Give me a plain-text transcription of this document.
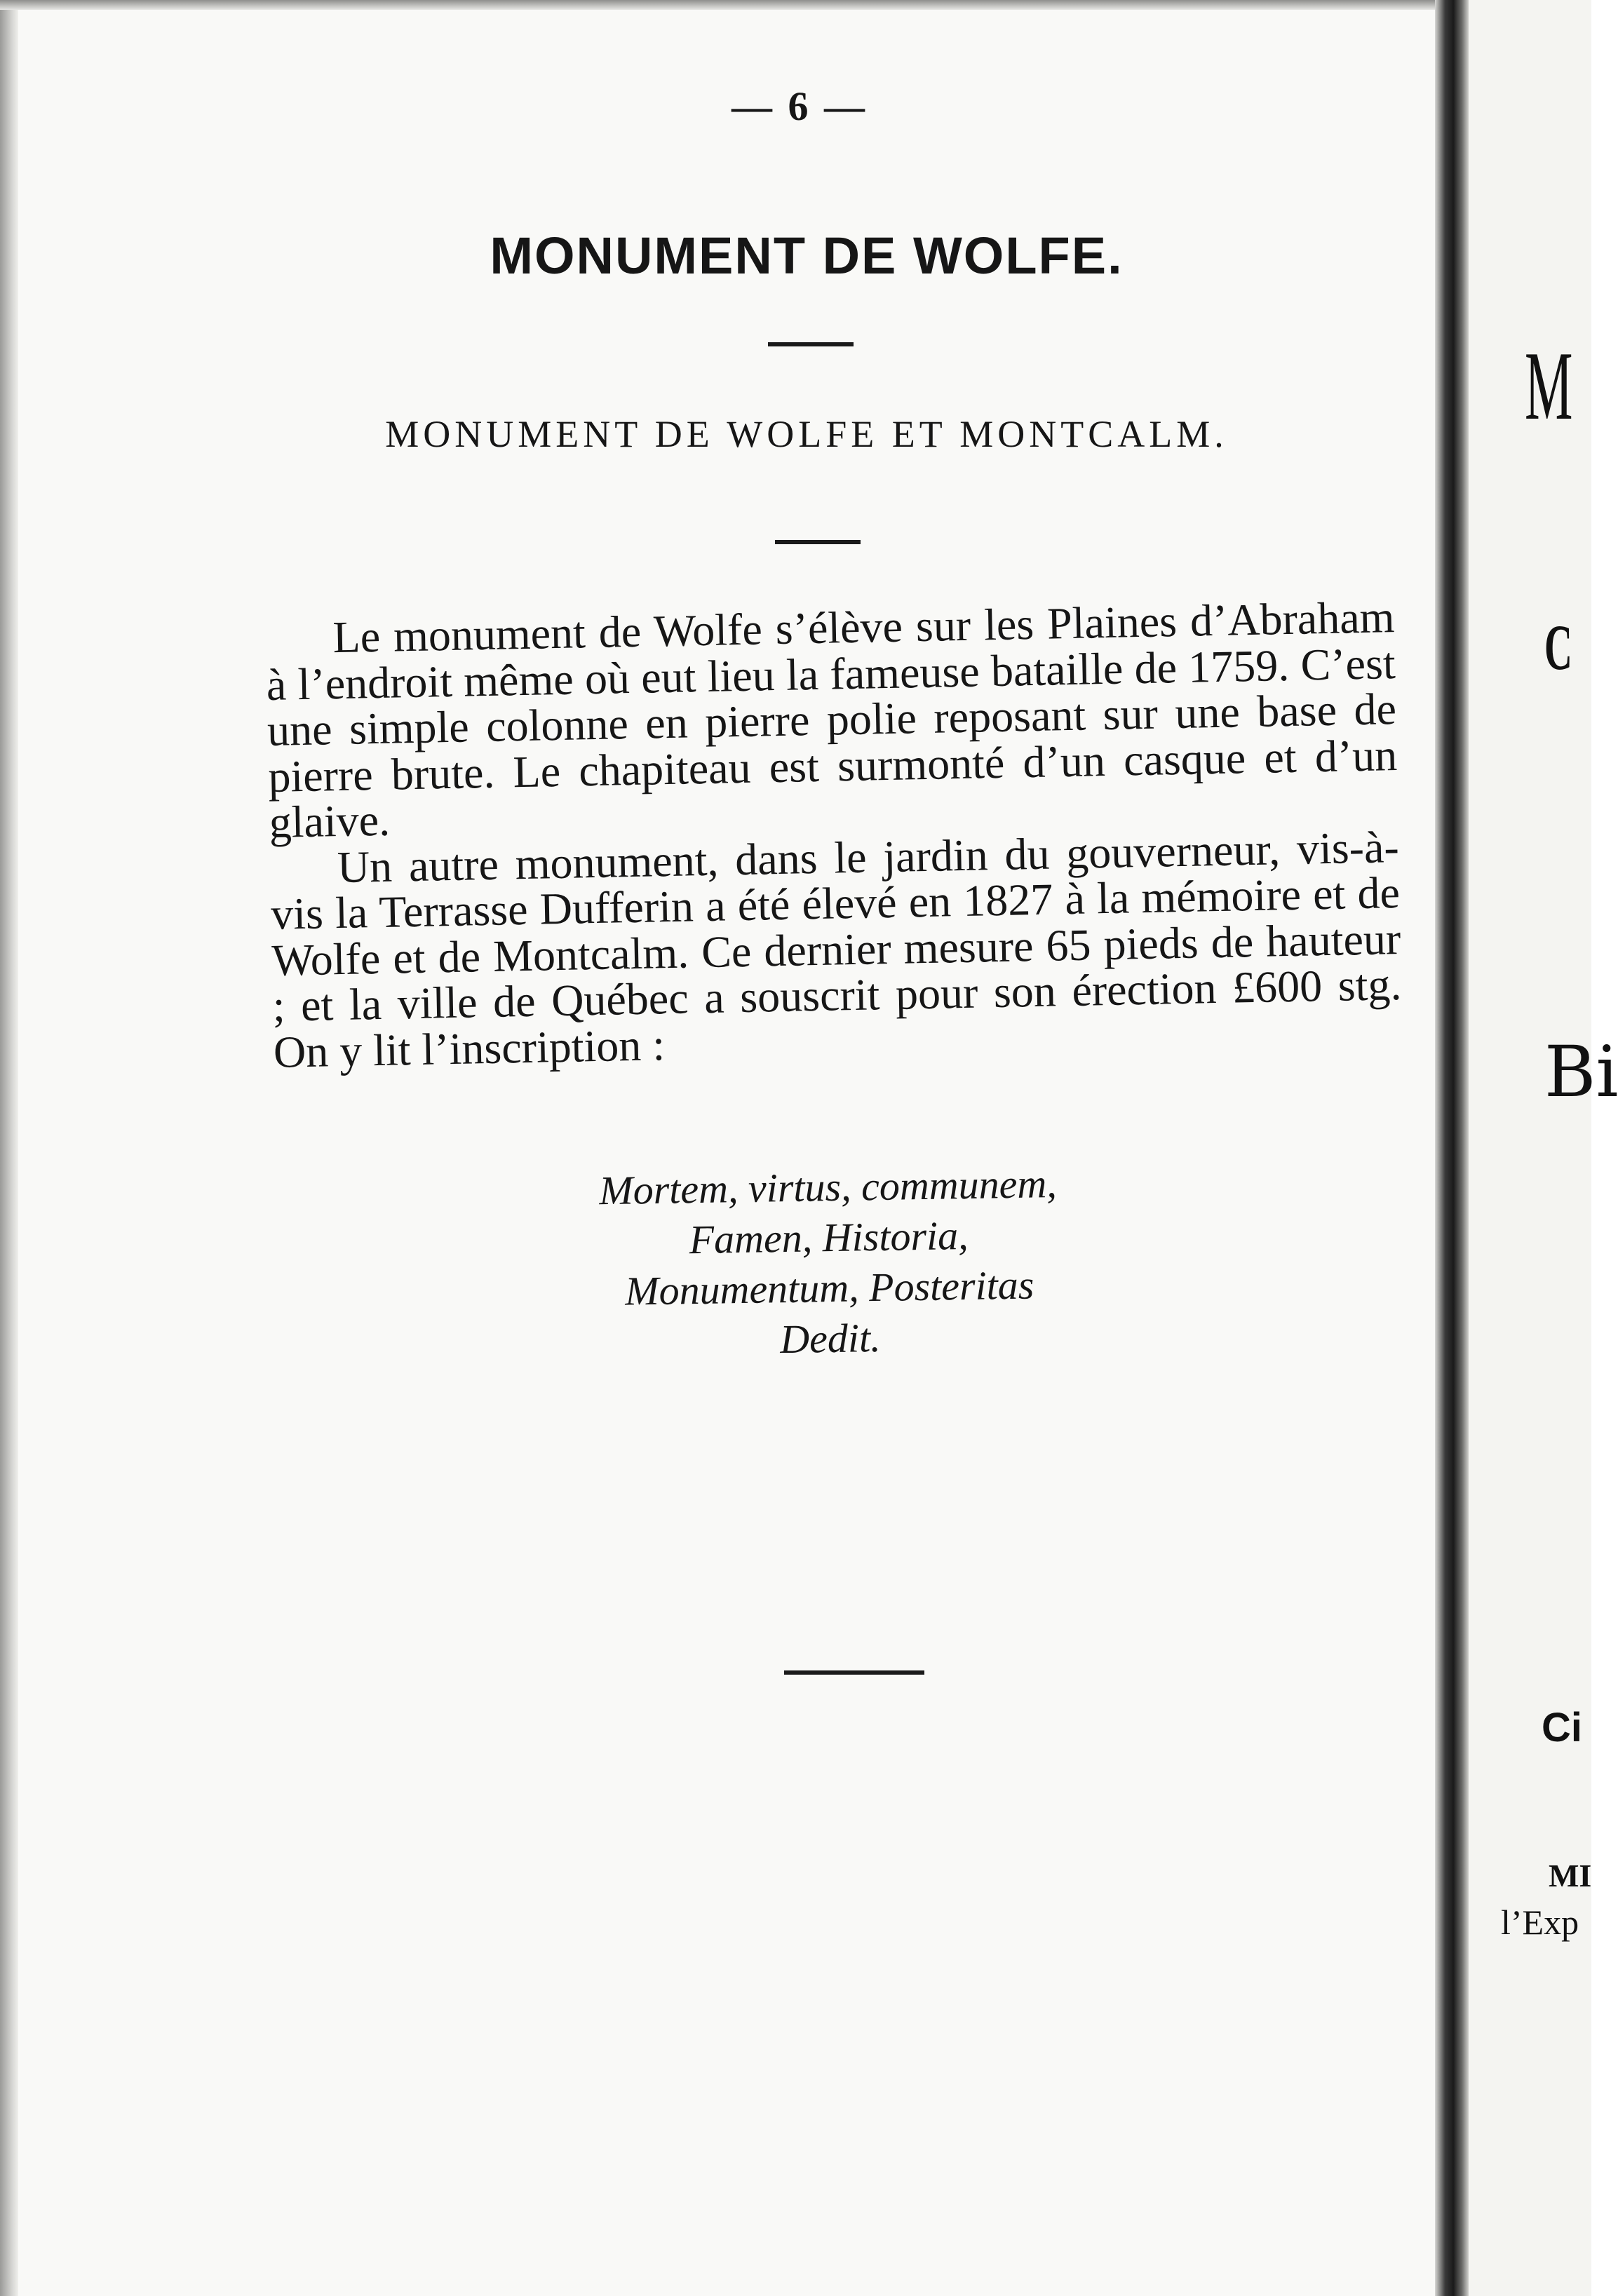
M
C
Bi
Ci
MI
l’Exp
— 6 —
MONUMENT DE WOLFE.
MONUMENT DE WOLFE ET MONTCALM.

Le monument de Wolfe s’élève sur les Plaines d’Abraham à l’endroit même où eut lieu la fameuse bataille de 1759. C’est une simple colonne en pierre polie reposant sur une base de pierre brute. Le chapiteau est surmonté d’un casque et d’un glaive.

Un autre monument, dans le jardin du gouverneur, vis-à-vis la Terrasse Dufferin a été élevé en 1827 à la mémoire et de Wolfe et de Montcalm. Ce dernier mesure 65 pieds de hauteur ; et la ville de Québec a souscrit pour son érection £600 stg. On y lit l’inscription :

Mortem, virtus, communem,
Famen, Historia,
Monumentum, Posteritas
Dedit.
